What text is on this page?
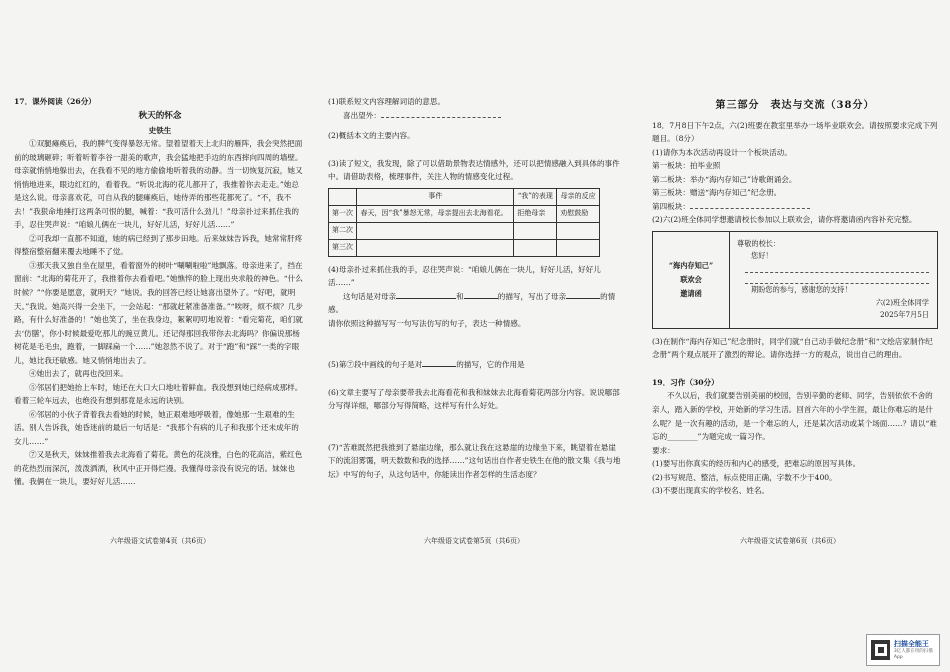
17．课外阅读（26分）

秋天的怀念

史铁生

①双腿瘫痪后，我的脾气变得暴怒无常。望着望着天上北归的雁阵，我会突然把面前的玻璃砸碎；听着听着李谷一甜美的歌声，我会猛地把手边的东西摔向四周的墙壁。母亲就悄悄地躲出去，在我看不见的地方偷偷地听着我的动静。当一切恢复沉寂，她又悄悄地进来，眼边红红的，看着我。“听说北海的花儿都开了，我推着你去走走。”她总是这么说。母亲喜欢花，可自从我的腿瘫痪后，她侍弄的那些花都死了。“不，我不去！”我狠命地捶打这两条可恨的腿，喊着：“我可活什么劲儿！”母亲扑过来抓住我的手，忍住哭声说：“咱娘儿俩在一块儿，好好儿活，好好儿活……”

②可我却一直都不知道，她的病已经到了那步田地。后来妹妹告诉我，她常常肝疼得整宿整宿翻来覆去地睡不了觉。

③那天我又独自坐在屋里，看着窗外的树叶“唰唰啦啦”地飘落。母亲进来了，挡在窗前：“北海的菊花开了，我推着你去看看吧。”她憔悴的脸上现出央求般的神色。“什么时候？”“你要是愿意，就明天？”她说。我的回答已经让她喜出望外了。“好吧，就明天。”我说。她高兴得一会坐下，一会站起：“那就赶紧准备准备。”“唉呀，烦不烦？几步路，有什么好准备的！”她也笑了，坐在我身边，絮絮叨叨地说着：“看完菊花，咱们就去‘仿膳’，你小时候最爱吃那儿的豌豆黄儿。还记得那回我带你去北海吗？你偏说那杨树花是毛毛虫，跑着，一脚踩扁一个……”她忽然不说了。对于“跑”和“踩”一类的字眼儿，她比我还敏感。她又悄悄地出去了。

④她出去了，就再也没回来。

⑤邻居们把她抬上车时，她还在大口大口地吐着鲜血。我没想到她已经病成那样。看着三轮车远去，也绝没有想到那竟是永远的诀别。

⑥邻居的小伙子背着我去看她的时候，她正艰难地呼吸着，像她那一生艰难的生活。别人告诉我，她昏迷前的最后一句话是：“我那个有病的儿子和我那个还未成年的女儿……”

⑦又是秋天，妹妹推着我去北海看了菊花。黄色的花淡雅，白色的花高洁，紫红色的花热烈而深沉，泼泼洒洒，秋风中正开得烂漫。我懂得母亲没有说完的话。妹妹也懂。我俩在一块儿，要好好儿活……

(1)联系短文内容理解词语的意思。

喜出望外：

(2)概括本文的主要内容。

(3)读了短文，我发现，除了可以借助景物表达情感外，还可以把情感融入到具体的事件中。请借助表格，梳理事件，关注人物的情感变化过程。

	事件	“我”的表现	母亲的反应
第一次	春天，因“我”暴怒无常，母亲提出去北海看花。	拒绝母亲	劝慰鼓励
第二次			
第三次			

(4)母亲扑过来抓住我的手，忍住哭声说：“咱娘儿俩在一块儿，好好儿活，好好儿活……”

这句话是对母亲	和	的描写，写出了母亲	的情感。

请你依照这种描写写一句写法仿写的句子，表达一种情感。

(5)第⑦段中画线的句子是对	的描写，它的作用是

(6)文章主要写了母亲要带我去北海看花和我和妹妹去北海看菊花两部分内容。说说哪部分写得详细，哪部分写得简略，这样写有什么好处。

(7)“苦难既然把我推到了悬崖边缘，那么就让我在这悬崖的边缘坐下来，眺望着在悬崖下的流泪雾霭，明天数数和我的选择……”这句话出自作者史铁生在他的散文集《我与地坛》中写的句子，从这句话中，你能读出作者怎样的生活态度？

第三部分　表达与交流（38分）

18．7月8日下午2点，六(2)班要在教室里举办一场毕业联欢会。请按照要求完成下列题目。（8分）

(1)请你为本次活动再设计一个板块活动。

第一板块：拍毕业照

第二板块：举办“海内存知己”诗歌朗诵会。

第三板块：赠送“海内存知己”纪念册。

第四板块：

(2)六(2)班全体同学想邀请校长参加以上联欢会，请你将邀请函内容补充完整。

“海内存知己”
联欢会
邀请函
尊敬的校长：
您好！
期盼您的参与，感谢您的支持！
六(2)班全体同学
2025年7月5日

(3)在制作“海内存知己”纪念册时，同学们就“自己动手做纪念册”和“文绘店家制作纪念册”两个观点展开了激烈的辩论。请你选择一方的观点，说出自己的理由。

19．习作（30分）

不久以后，我们就要告别美丽的校园，告别辛勤的老师、同学，告别依依不舍的亲人，踏入新的学校，开始新的学习生活。回首六年的小学生涯，最让你难忘的是什么呢？是一次有趣的活动，是一个难忘的人，还是某次活动或某个场面……？请以“难忘的________”为题完成一篇习作。

要求：

(1)要写出你真实的经历和内心的感受，把难忘的原因写具体。

(2)书写规范、整洁，标点使用正确，字数不少于400。

(3)不要出现真实的学校名、姓名。

六年级语文试卷第4页（共6页）	六年级语文试卷第5页（共6页）	六年级语文试卷第6页（共6页）
扫描全能王
3亿人都在用的扫描App
